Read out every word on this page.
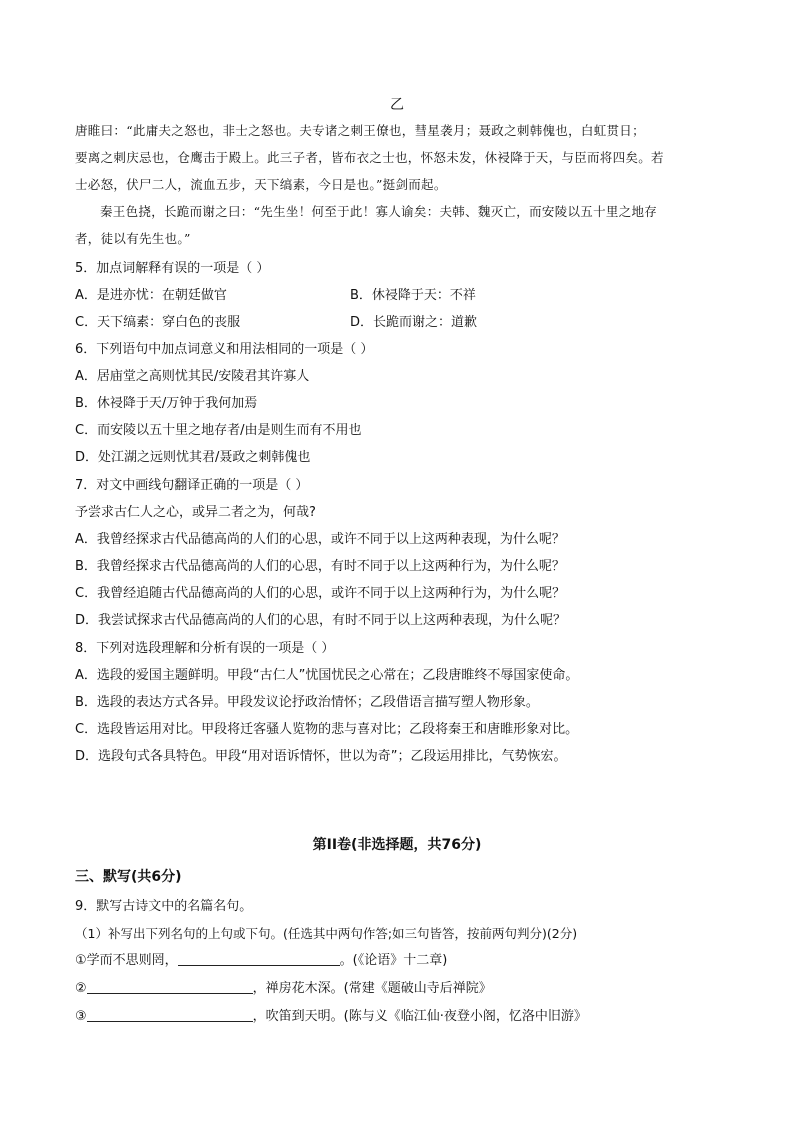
乙
唐睢曰：“此庸夫之怒也，非士之怒也。夫专诸之刺王僚也，彗星袭月；聂政之刺韩傀也，白虹贯日；
要离之刺庆忌也，仓鹰击于殿上。此三子者，皆布衣之士也，怀怒未发，休祲降于天，与臣而将四矣。若
士必怒，伏尸二人，流血五步，天下缟素，今日是也。”挺剑而起。
秦王色挠，长跪而谢之曰：“先生坐！何至于此！寡人谕矣：夫韩、魏灭亡，而安陵以五十里之地存
者，徒以有先生也。”
5．加点词解释有误的一项是（ ）
A．是进亦忧：在朝廷做官	B．休祲降于天：不祥
C．天下缟素：穿白色的丧服	D．长跪而谢之：道歉
6．下列语句中加点词意义和用法相同的一项是（ ）
A．居庙堂之高则忧其民/安陵君其许寡人
B．休祲降于天/万钟于我何加焉
C．而安陵以五十里之地存者/由是则生而有不用也
D．处江湖之远则忧其君/聂政之刺韩傀也
7．对文中画线句翻译正确的一项是（ ）
予尝求古仁人之心，或异二者之为，何哉?
A．我曾经探求古代品德高尚的人们的心思，或许不同于以上这两种表现，为什么呢？
B．我曾经探求古代品德高尚的人们的心思，有时不同于以上这两种行为，为什么呢？
C．我曾经追随古代品德高尚的人们的心思，或许不同于以上这两种行为，为什么呢？
D．我尝试探求古代品德高尚的人们的心思，有时不同于以上这两种表现，为什么呢？
8．下列对选段理解和分析有误的一项是（ ）
A．选段的爱国主题鲜明。甲段“古仁人”忧国忧民之心常在；乙段唐睢终不辱国家使命。
B．选段的表达方式各异。甲段发议论抒政治情怀；乙段借语言描写塑人物形象。
C．选段皆运用对比。甲段将迁客骚人览物的悲与喜对比；乙段将秦王和唐睢形象对比。
D．选段句式各具特色。甲段“用对语诉情怀，世以为奇”；乙段运用排比，气势恢宏。
第II卷(非选择题，共76分)
三、默写(共6分)
9．默写古诗文中的名篇名句。
（1）补写出下列名句的上句或下句。(任选其中两句作答;如三句皆答，按前两句判分)(2分)
①学而不思则罔，	。(《论语》十二章)
②	，禅房花木深。(常建《题破山寺后禅院》
③	，吹笛到天明。(陈与义《临江仙·夜登小阁，忆洛中旧游》
